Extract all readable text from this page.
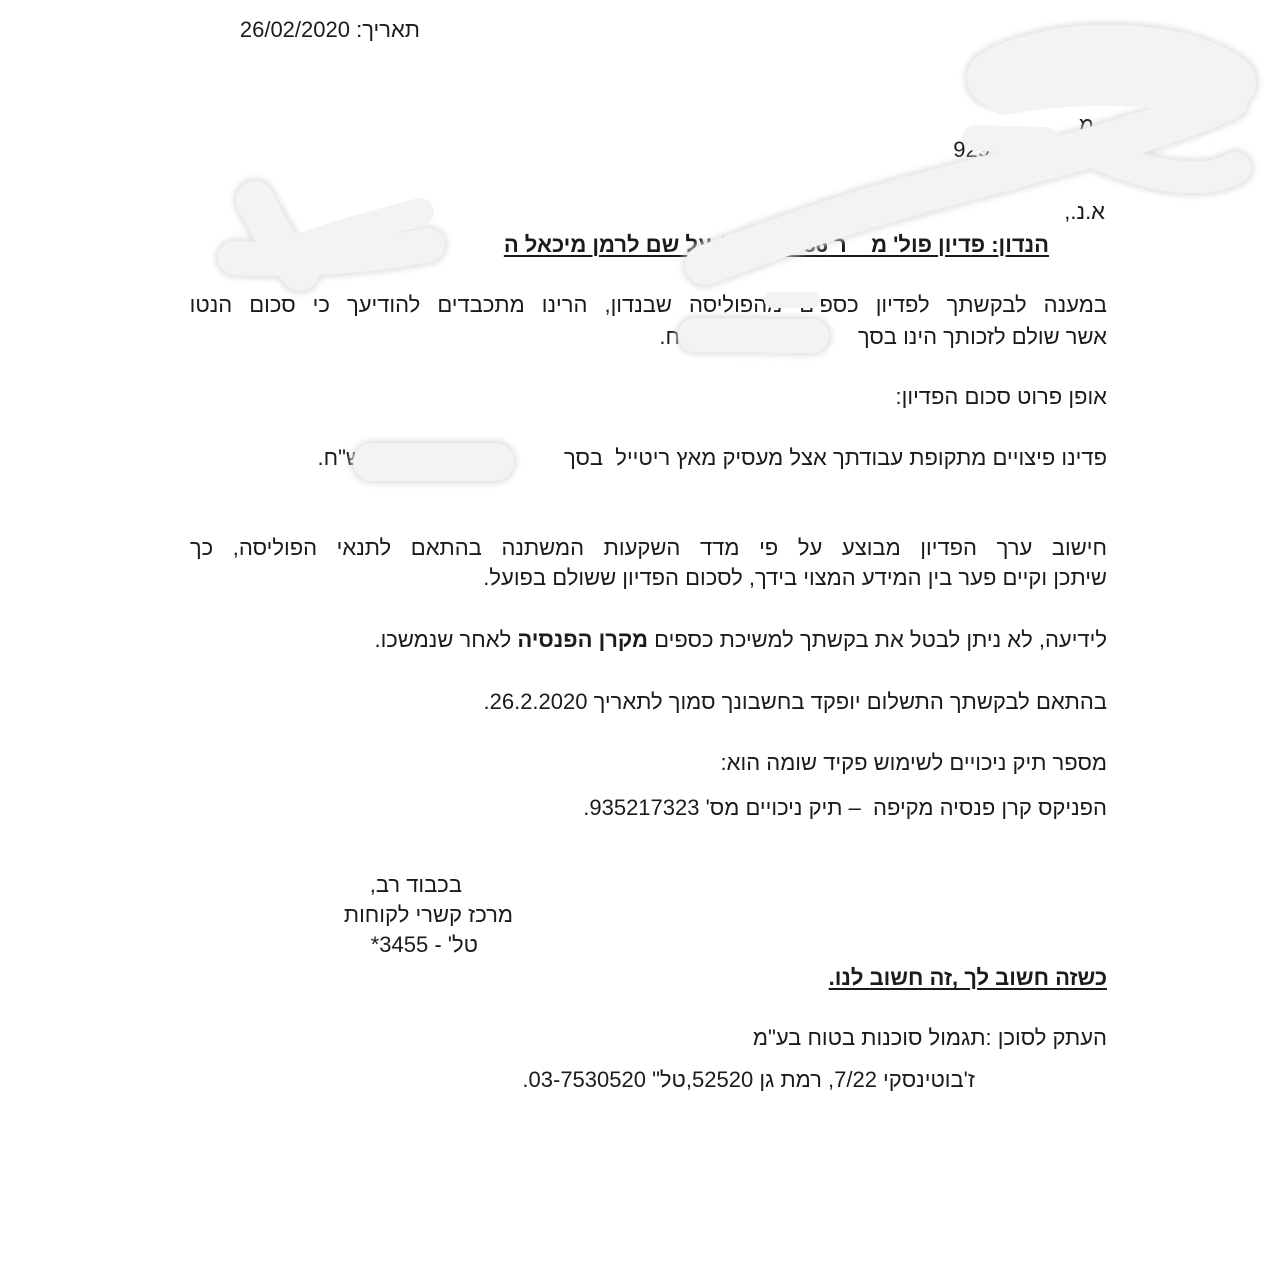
תאריך: 26/02/2020
מ
שלי
929
א.נ.,
הנדון: פדיון פול' מ    ר 086      114 על שם לרמן מיכאל ה
במענה לבקשתך לפדיון כספים מהפוליסה שבנדון, הרינו מתכבדים להודיעך כי סכום הנטו
אשר שולם לזכותך הינו בסך
ח.
אופן פרוט סכום הפדיון:
פדינו פיצויים מתקופת עבודתך אצל מעסיק מאץ ריטייל  בסך
ש"ח.
חישוב ערך הפדיון מבוצע על פי מדד השקעות המשתנה בהתאם לתנאי הפוליסה, כך
שיתכן וקיים פער בין המידע המצוי בידך, לסכום הפדיון ששולם בפועל.
לידיעה, לא ניתן לבטל את בקשתך למשיכת כספים מקרן הפנסיה לאחר שנמשכו.
בהתאם לבקשתך התשלום יופקד בחשבונך סמוך לתאריך 26.2.2020.
מספר תיק ניכויים לשימוש פקיד שומה הוא:
הפניקס קרן פנסיה מקיפה  – תיק ניכויים מס' 935217323.
בכבוד רב,
מרכז קשרי לקוחות
טל' - 3455*
כשזה חשוב לך ,זה חשוב לנו.
העתק לסוכן :תגמול סוכנות בטוח בע"מ
ז'בוטינסקי 7/22, רמת גן 52520,טל" 03-7530520.
